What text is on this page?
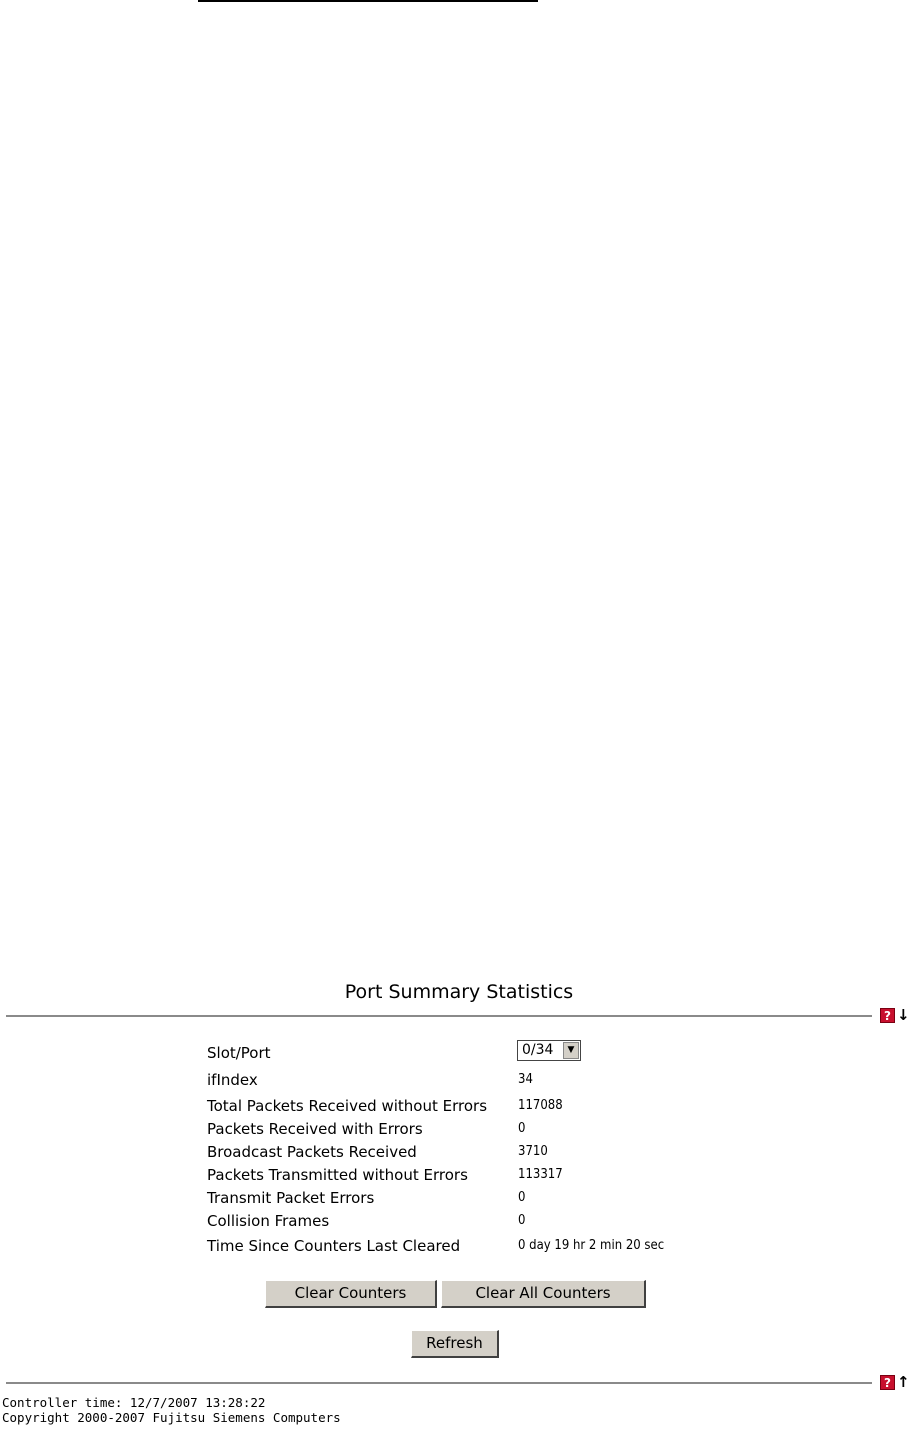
Port Summary Statistics
? ↓
Slot/Port	0/34	▼
ifIndex	34
Total Packets Received without Errors 117088
Packets Received with Errors	0
Broadcast Packets Received	3710
Packets Transmitted without Errors	113317
Transmit Packet Errors	0
Collision Frames	0
Time Since Counters Last Cleared	0 day 19 hr 2 min 20 sec
Clear Counters	Clear All Counters
Refresh
? ↑
Controller time: 12/7/2007 13:28:22
Copyright 2000-2007 Fujitsu Siemens Computers
